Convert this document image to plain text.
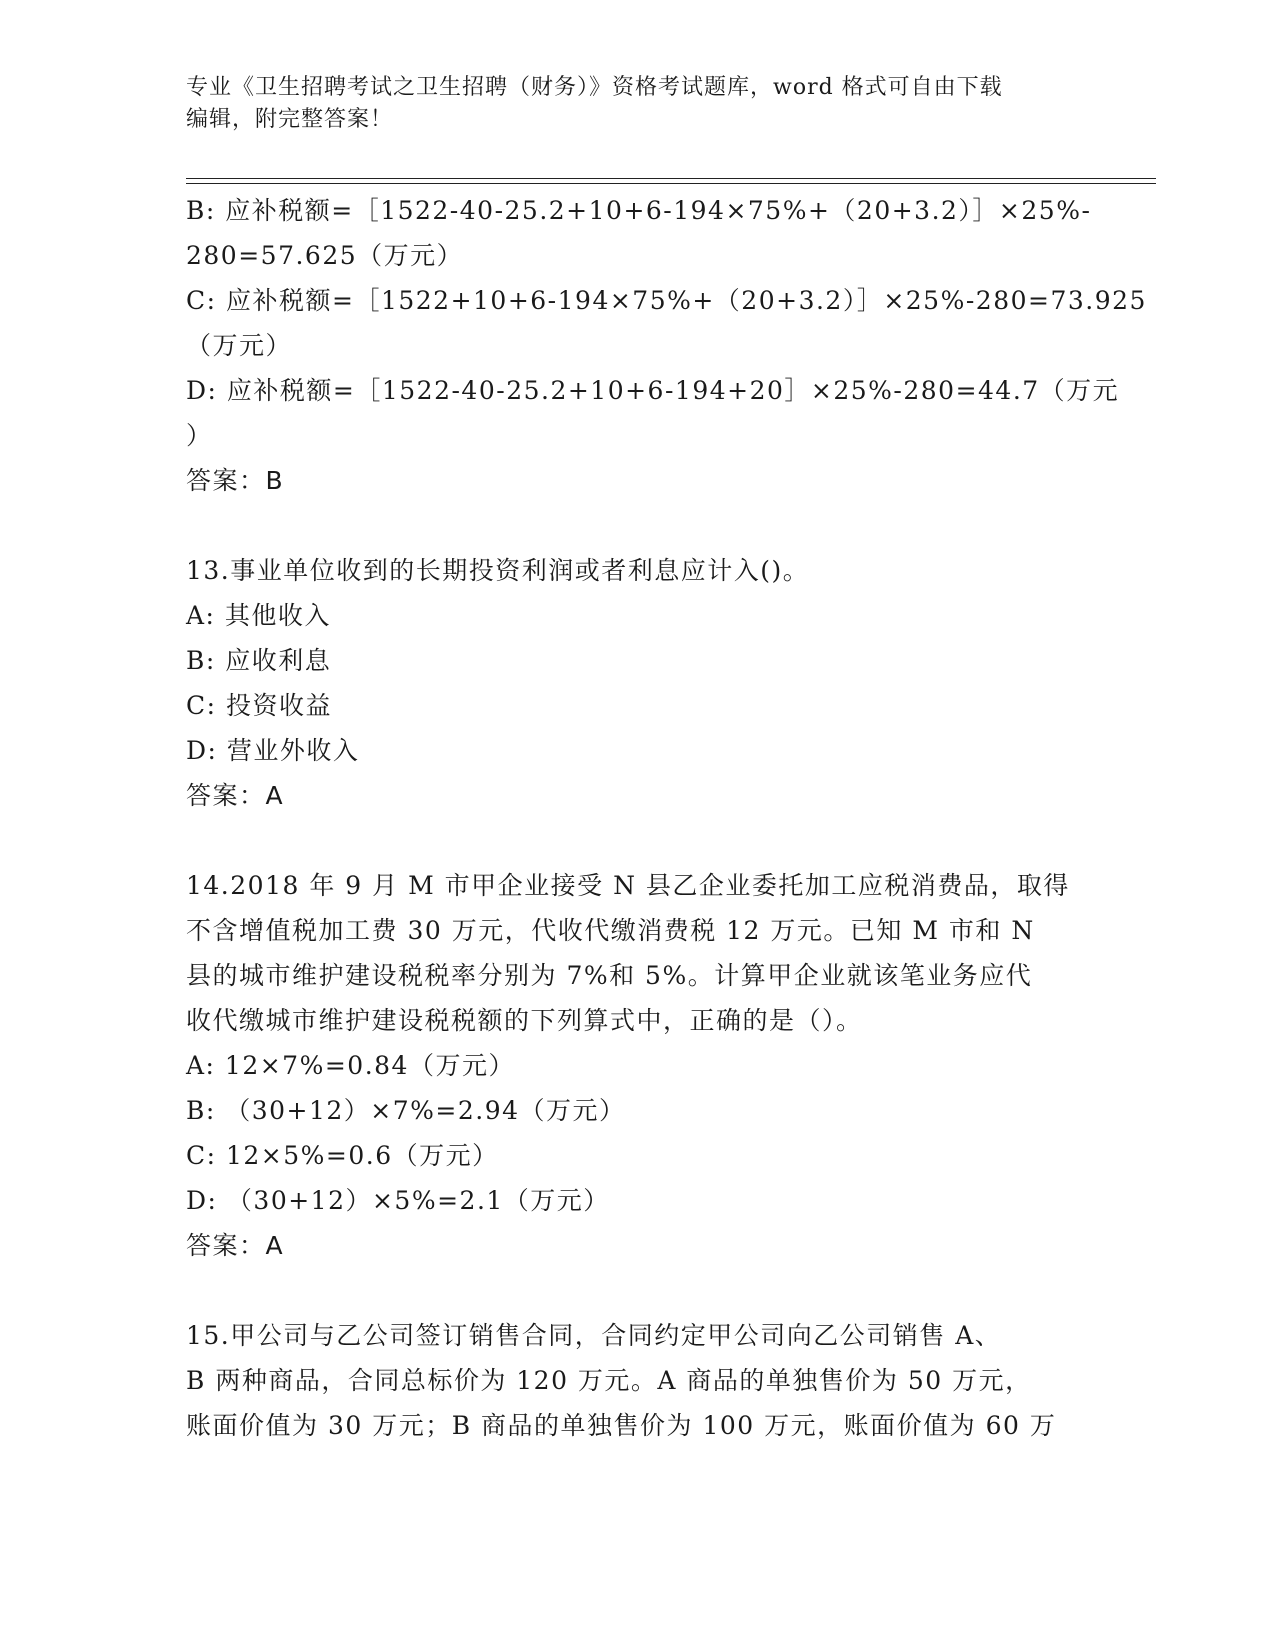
专业《卫生招聘考试之卫生招聘（财务）》资格考试题库，word 格式可自由下载

编辑，附完整答案！

B: 应补税额=［1522-40-25.2+10+6-194×75%+（20+3.2）］×25%-
280=57.625（万元）
C: 应补税额=［1522+10+6-194×75%+（20+3.2）］×25%-280=73.925
（万元）
D: 应补税额=［1522-40-25.2+10+6-194+20］×25%-280=44.7（万元
）
答案：B
13.事业单位收到的长期投资利润或者利息应计入()。
A: 其他收入
B: 应收利息
C: 投资收益
D: 营业外收入
答案：A
14.2018 年 9 月 M 市甲企业接受 N 县乙企业委托加工应税消费品，取得
不含增值税加工费 30 万元，代收代缴消费税 12 万元。已知 M 市和 N
县的城市维护建设税税率分别为 7%和 5%。计算甲企业就该笔业务应代
收代缴城市维护建设税税额的下列算式中，正确的是（）。
A: 12×7%=0.84（万元）
B: （30+12）×7%=2.94（万元）
C: 12×5%=0.6（万元）
D: （30+12）×5%=2.1（万元）
答案：A
15.甲公司与乙公司签订销售合同，合同约定甲公司向乙公司销售 A、
B 两种商品，合同总标价为 120 万元。A 商品的单独售价为 50 万元，
账面价值为 30 万元；B 商品的单独售价为 100 万元，账面价值为 60 万
